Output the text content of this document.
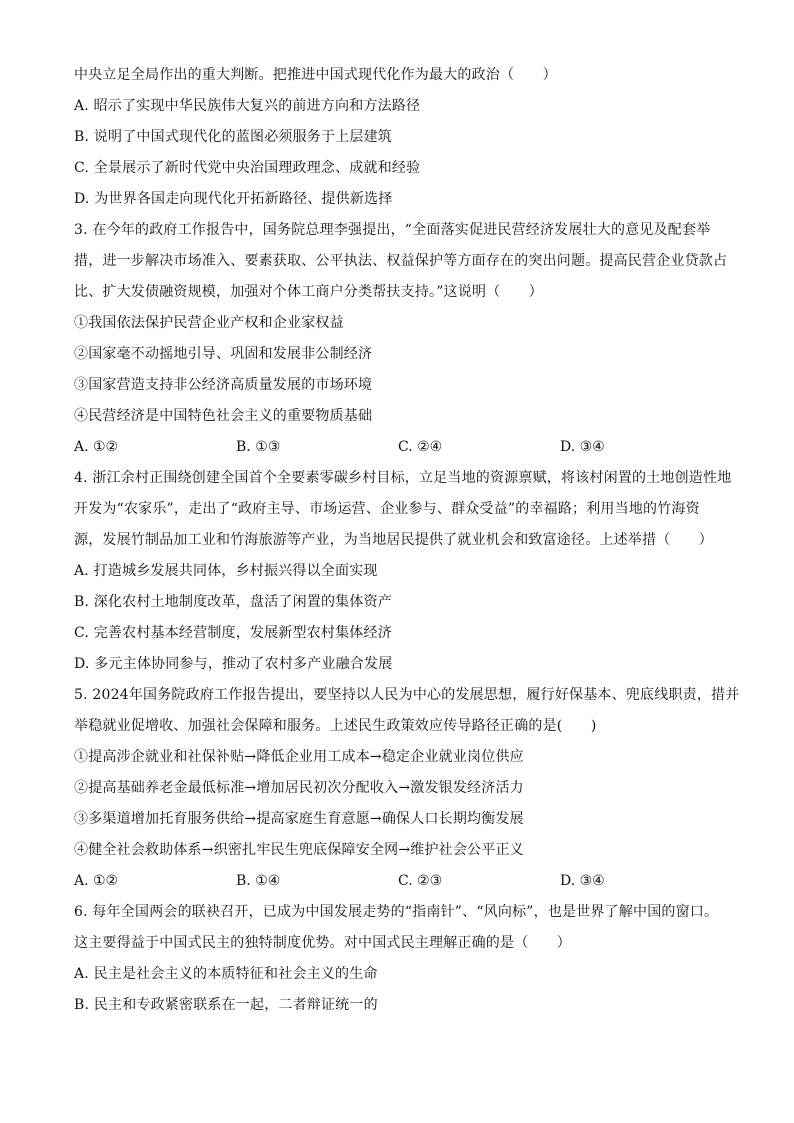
中央立足全局作出的重大判断。把推进中国式现代化作为最大的政治（　　）
A. 昭示了实现中华民族伟大复兴的前进方向和方法路径
B. 说明了中国式现代化的蓝图必须服务于上层建筑
C. 全景展示了新时代党中央治国理政理念、成就和经验
D. 为世界各国走向现代化开拓新路径、提供新选择
3. 在今年的政府工作报告中，国务院总理李强提出，“全面落实促进民营经济发展壮大的意见及配套举
措，进一步解决市场准入、要素获取、公平执法、权益保护等方面存在的突出问题。提高民营企业贷款占
比、扩大发债融资规模，加强对个体工商户分类帮扶支持。”这说明（　　）
①我国依法保护民营企业产权和企业家权益
②国家毫不动摇地引导、巩固和发展非公制经济
③国家营造支持非公经济高质量发展的市场环境
④民营经济是中国特色社会主义的重要物质基础
A. ①②	B. ①③	C. ②④	D. ③④
4. 浙江余村正围绕创建全国首个全要素零碳乡村目标，立足当地的资源禀赋，将该村闲置的土地创造性地
开发为“农家乐”，走出了“政府主导、市场运营、企业参与、群众受益”的幸福路；利用当地的竹海资
源，发展竹制品加工业和竹海旅游等产业，为当地居民提供了就业机会和致富途径。上述举措（　　）
A. 打造城乡发展共同体，乡村振兴得以全面实现
B. 深化农村土地制度改革，盘活了闲置的集体资产
C. 完善农村基本经营制度，发展新型农村集体经济
D. 多元主体协同参与，推动了农村多产业融合发展
5. 2024年国务院政府工作报告提出，要坚持以人民为中心的发展思想，履行好保基本、兜底线职责，措并
举稳就业促增收、加强社会保障和服务。上述民生政策效应传导路径正确的是(　　)
①提高涉企就业和社保补贴→降低企业用工成本→稳定企业就业岗位供应
②提高基础养老金最低标准→增加居民初次分配收入→激发银发经济活力
③多渠道增加托育服务供给→提高家庭生育意愿→确保人口长期均衡发展
④健全社会救助体系→织密扎牢民生兜底保障安全网→维护社会公平正义
A. ①②	B. ①④	C. ②③	D. ③④
6. 每年全国两会的联袂召开，已成为中国发展走势的“指南针”、“风向标”，也是世界了解中国的窗口。
这主要得益于中国式民主的独特制度优势。对中国式民主理解正确的是（　　）
A. 民主是社会主义的本质特征和社会主义的生命
B. 民主和专政紧密联系在一起，二者辩证统一的
